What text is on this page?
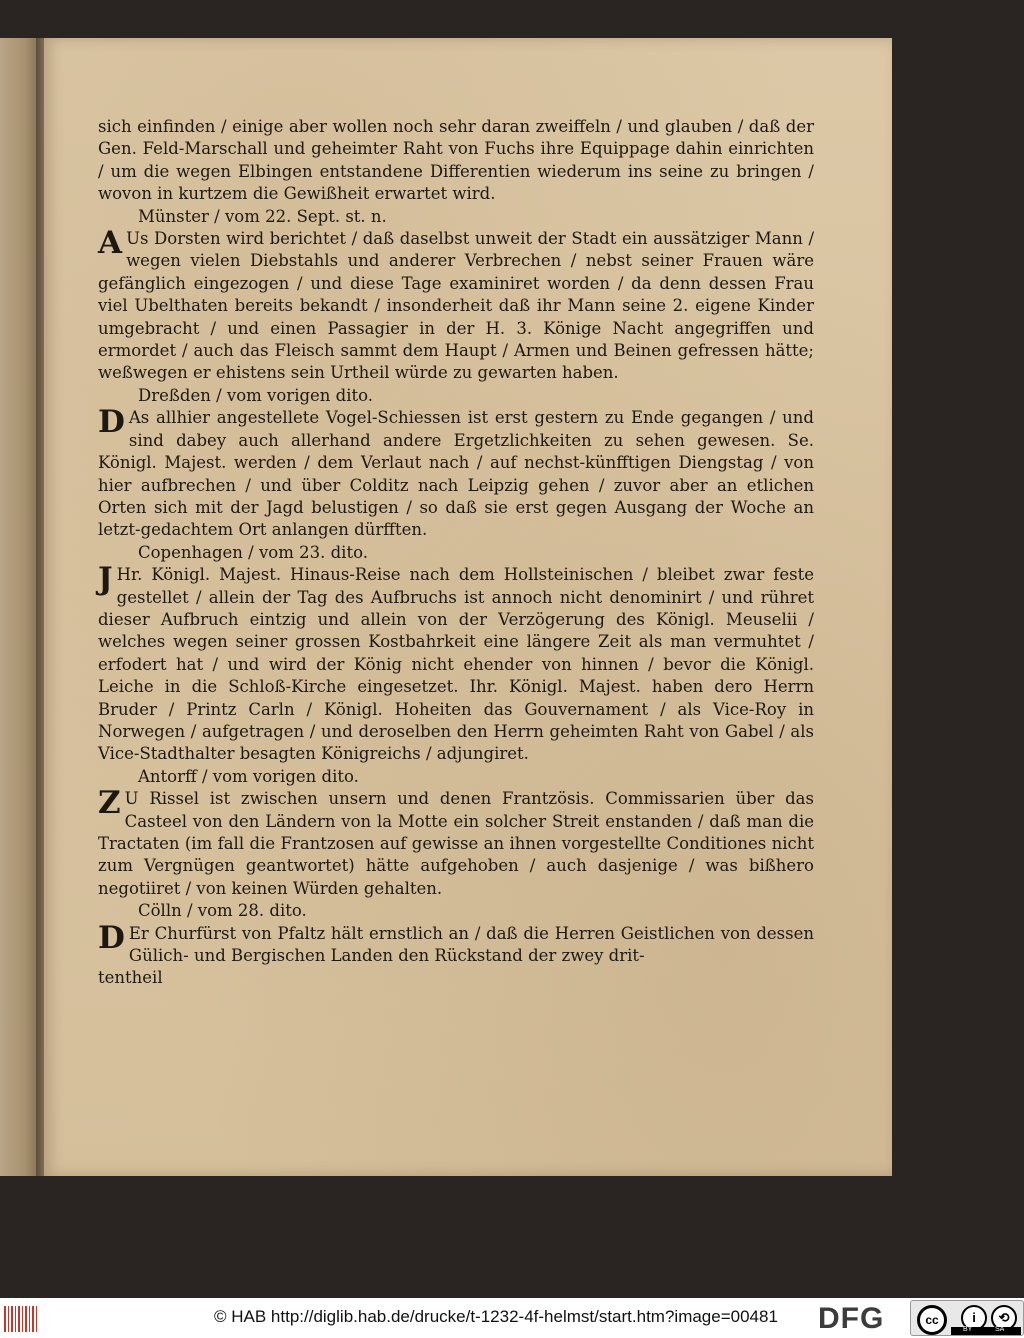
sich einfinden / einige aber wollen noch sehr daran zweiffeln / und glauben / daß der Gen. Feld-Marschall und geheimter Raht von Fuchs ihre Equippage dahin einrichten / um die wegen Elbingen entstandene Differentien wiederum ins seine zu bringen / wovon in kurtzem die Gewißheit erwartet wird.

Münster / vom 22. Sept. st. n.

A Us Dorsten wird berichtet / daß daselbst unweit der Stadt ein aussätziger Mann / wegen vielen Diebstahls und anderer Verbrechen / nebst seiner Frauen wäre gefänglich eingezogen / und diese Tage examiniret worden / da denn dessen Frau viel Ubelthaten bereits bekandt / insonderheit daß ihr Mann seine 2. eigene Kinder umgebracht / und einen Passagier in der H. 3. Könige Nacht angegriffen und ermordet / auch das Fleisch sammt dem Haupt / Armen und Beinen gefressen hätte; weßwegen er ehistens sein Urtheil würde zu gewarten haben.

Dreßden / vom vorigen dito.

D As allhier angestellete Vogel-Schiessen ist erst gestern zu Ende gegangen / und sind dabey auch allerhand andere Ergetzlichkeiten zu sehen gewesen. Se. Königl. Majest. werden / dem Verlaut nach / auf nechst-künfftigen Diengstag / von hier aufbrechen / und über Colditz nach Leipzig gehen / zuvor aber an etlichen Orten sich mit der Jagd belustigen / so daß sie erst gegen Ausgang der Woche an letzt-gedachtem Ort anlangen dürfften.

Copenhagen / vom 23. dito.

J Hr. Königl. Majest. Hinaus-Reise nach dem Hollsteinischen / bleibet zwar feste gestellet / allein der Tag des Aufbruchs ist annoch nicht denominirt / und rühret dieser Aufbruch eintzig und allein von der Verzögerung des Königl. Meuselii / welches wegen seiner grossen Kostbahrkeit eine längere Zeit als man vermuhtet / erfodert hat / und wird der König nicht ehender von hinnen / bevor die Königl. Leiche in die Schloß-Kirche eingesetzet. Ihr. Königl. Majest. haben dero Herrn Bruder / Printz Carln / Königl. Hoheiten das Gouvernament / als Vice-Roy in Norwegen / aufgetragen / und deroselben den Herrn geheimten Raht von Gabel / als Vice-Stadthalter besagten Königreichs / adjungiret.

Antorff / vom vorigen dito.

Z U Rissel ist zwischen unsern und denen Frantzösis. Commissarien über das Casteel von den Ländern von la Motte ein solcher Streit enstanden / daß man die Tractaten (im fall die Frantzosen auf gewisse an ihnen vorgestellte Conditiones nicht zum Vergnügen geantwortet) hätte aufgehoben / auch dasjenige / was bißhero negotiiret / von keinen Würden gehalten.

Cölln / vom 28. dito.

D Er Churfürst von Pfaltz hält ernstlich an / daß die Herren Geistlichen von dessen Gülich- und Bergischen Landen den Rückstand der zwey drit-

tentheil

© HAB http://diglib.hab.de/drucke/t-1232-4f-helmst/start.htm?image=00481 DFG	cc	i	⟲
BY	SA
